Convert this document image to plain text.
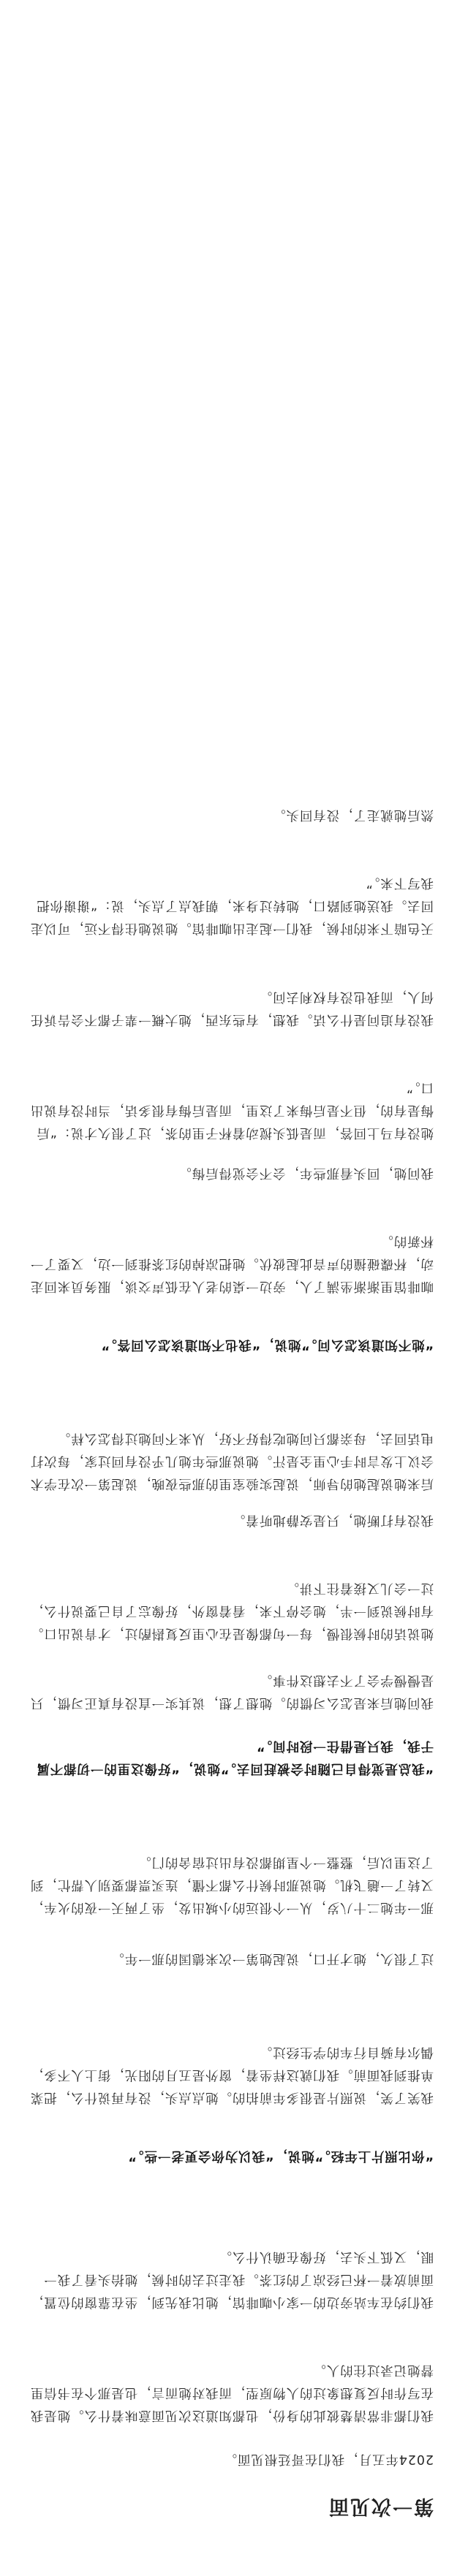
第一次见面

2024年五月，我们在哥廷根见面。

我们都非常清楚彼此的身份，也都知道这次见面意味着什么。她是我在写作时反复想象过的人物原型，而我对她而言，也是那个在书信里替她记录过往的人。

我们约在车站旁边的一家小咖啡馆，她比我先到，坐在靠窗的位置，面前放着一杯已经凉了的红茶。我走过去的时候，她抬头看了我一眼，又低下头去，好像在确认什么。

“你比照片上年轻。”她说，“我以为你会更老一些。”

我笑了笑，说照片是很多年前拍的。她点点头，没有再说什么，把菜单推到我面前。我们就这样坐着，窗外是五月的阳光，街上人不多，偶尔有骑自行车的学生经过。

过了很久，她才开口，说起她第一次来德国的那一年。

那一年她二十八岁，从一个很远的小城出发，坐了两天一夜的火车，又转了一趟飞机。她说那时候什么都不懂，连买票都要别人帮忙，到了这里以后，整整一个星期都没有出过宿舍的门。

“我总是觉得自己随时会被赶回去。”她说，“好像这里的一切都不属于我，我只是借住一段时间。”

我问她后来是怎么习惯的。她想了想，说其实一直没有真正习惯，只是慢慢学会了不去想这件事。

她说话的时候很慢，每一句都像是在心里反复斟酌过，才肯说出口。有时候说到一半，她会停下来，看着窗外，好像忘了自己要说什么，过一会儿又接着往下讲。

我没有打断她，只是安静地听着。

后来她说起她的导师，说起实验室里的那些夜晚，说起第一次在学术会议上发言时手心里全是汗。她说那些年她几乎没有回过家，每次打电话回去，母亲都只问她吃得好不好，从来不问她过得怎么样。

“她不知道该怎么问。”她说，“我也不知道该怎么回答。”

咖啡馆里渐渐坐满了人，旁边一桌的老人在低声交谈，服务员来回走动，杯碟碰撞的声音此起彼伏。她把凉掉的红茶推到一边，又要了一杯新的。

我问她，回头看那些年，会不会觉得后悔。

她没有马上回答，而是低头搅动着杯子里的茶，过了很久才说：“后悔是有的，但不是后悔来了这里，而是后悔有很多话，当时没有说出口。”

我没有追问是什么话。我想，有些东西，她大概一辈子都不会告诉任何人，而我也没有权利去问。

天色暗下来的时候，我们一起走出咖啡馆。她说她住得不远，可以走回去。我送她到路口，她转过身来，朝我点了点头，说：“谢谢你把我写下来。”

然后她就走了，没有回头。
